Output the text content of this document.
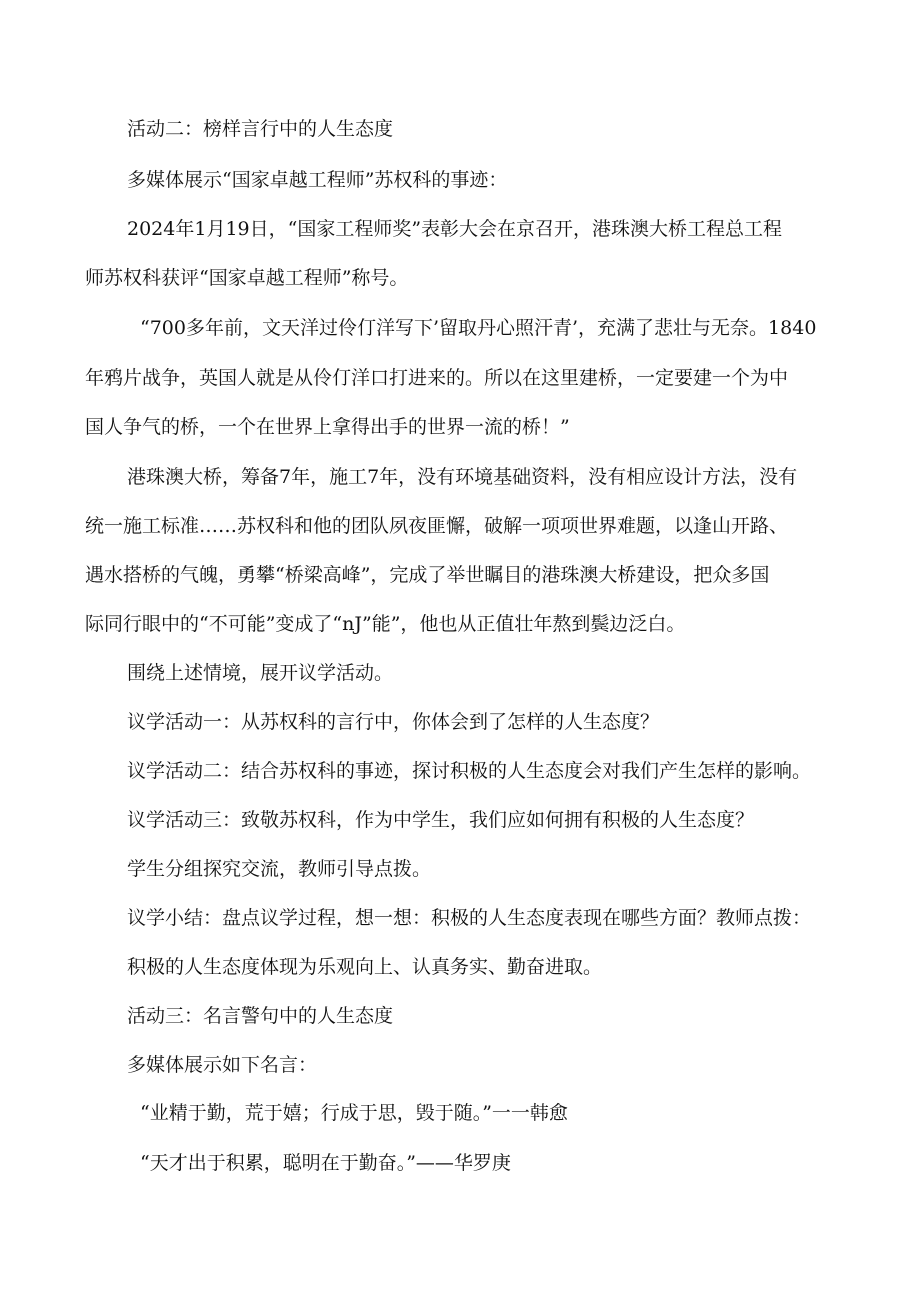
活动二：榜样言行中的人生态度
多媒体展示“国家卓越工程师”苏权科的事迹：
2024年1月19日，“国家工程师奖”表彰大会在京召开，港珠澳大桥工程总工程
师苏权科获评“国家卓越工程师”称号。
“700多年前，文天洋过伶仃洋写下’留取丹心照汗青’，充满了悲壮与无奈。1840
年鸦片战争，英国人就是从伶仃洋口打进来的。所以在这里建桥，一定要建一个为中
国人争气的桥，一个在世界上拿得出手的世界一流的桥！”
港珠澳大桥，筹备7年，施工7年，没有环境基础资料，没有相应设计方法，没有
统一施工标准……苏权科和他的团队夙夜匪懈，破解一项项世界难题，以逢山开路、
遇水搭桥的气魄，勇攀“桥梁高峰”，完成了举世瞩目的港珠澳大桥建设，把众多国
际同行眼中的“不可能”变成了“nJ”能”，他也从正值壮年熬到鬓边泛白。
围绕上述情境，展开议学活动。
议学活动一：从苏权科的言行中，你体会到了怎样的人生态度？
议学活动二：结合苏权科的事迹，探讨积极的人生态度会对我们产生怎样的影响。
议学活动三：致敬苏权科，作为中学生，我们应如何拥有积极的人生态度？
学生分组探究交流，教师引导点拨。
议学小结：盘点议学过程，想一想：积极的人生态度表现在哪些方面？教师点拨：
积极的人生态度体现为乐观向上、认真务实、勤奋进取。
活动三：名言警句中的人生态度
多媒体展示如下名言：
“业精于勤，荒于嬉；行成于思，毁于随。”一一韩愈
“天才出于积累，聪明在于勤奋。”——华罗庚
